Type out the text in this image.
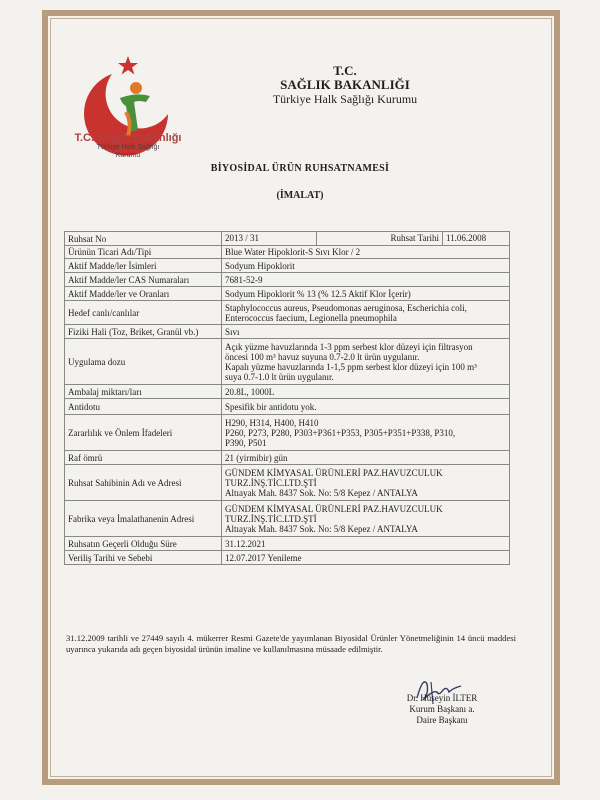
T.C. Sağlık Bakanlığı
Türkiye Halk Sağlığı
Kurumu
T.C.
SAĞLIK BAKANLIĞI
Türkiye Halk Sağlığı Kurumu
BİYOSİDAL ÜRÜN RUHSATNAMESİ
(İMALAT)
Ruhsat No	2013 / 31 Ruhsat Tarihi 11.06.2008

Ürünün Ticari Adı/Tipi	Blue Water Hipoklorit-S Sıvı Klor / 2
Aktif Madde/ler İsimleri	Sodyum Hipoklorit
Aktif Madde/ler CAS Numaraları	7681-52-9
Aktif Madde/ler ve Oranları	Sodyum Hipoklorit % 13 (% 12.5 Aktif Klor İçerir)
Hedef canlı/canlılar	Staphylococcus aureus, Pseudomonas aeruginosa, Escherichia coli,
Enterococcus faecium, Legionella pneumophila

Fiziki Hali (Toz, Briket, Granül vb.)	Sıvı
Uygulama dozu	Açık yüzme havuzlarında 1-3 ppm serbest klor düzeyi için filtrasyon
öncesi 100 m³ havuz suyuna 0.7-2.0 lt ürün uygulanır.
Kapalı yüzme havuzlarında 1-1,5 ppm serbest klor düzeyi için 100 m³
suya 0.7-1.0 lt ürün uygulanır.

Ambalaj miktarı/ları	20.8L, 1000L
Antidotu	Spesifik bir antidotu yok.
Zararlılık ve Önlem İfadeleri	H290, H314, H400, H410
P260, P273, P280, P303+P361+P353, P305+P351+P338, P310,
P390, P501

Raf ömrü	21 (yirmibir) gün
Ruhsat Sahibinin Adı ve Adresi	GÜNDEM KİMYASAL ÜRÜNLERİ PAZ.HAVUZCULUK
TURZ.İNŞ.TİC.LTD.ŞTİ
Altıayak Mah. 8437 Sok. No: 5/8 Kepez / ANTALYA

Fabrika veya İmalathanenin Adresi	GÜNDEM KİMYASAL ÜRÜNLERİ PAZ.HAVUZCULUK
TURZ.İNŞ.TİC.LTD.ŞTİ
Altıayak Mah. 8437 Sok. No: 5/8 Kepez / ANTALYA

Ruhsatın Geçerli Olduğu Süre	31.12.2021
Veriliş Tarihi ve Sebebi	12.07.2017 Yenileme
31.12.2009 tarihli ve 27449 sayılı 4. mükerrer Resmi Gazete'de yayımlanan Biyosidal Ürünler Yönetmeliğinin 14 üncü maddesi uyarınca yukarıda adı geçen biyosidal ürünün imaline ve kullanılmasına müsaade edilmiştir.
Dr. Hüseyin İLTER
Kurum Başkanı a.
Daire Başkanı
